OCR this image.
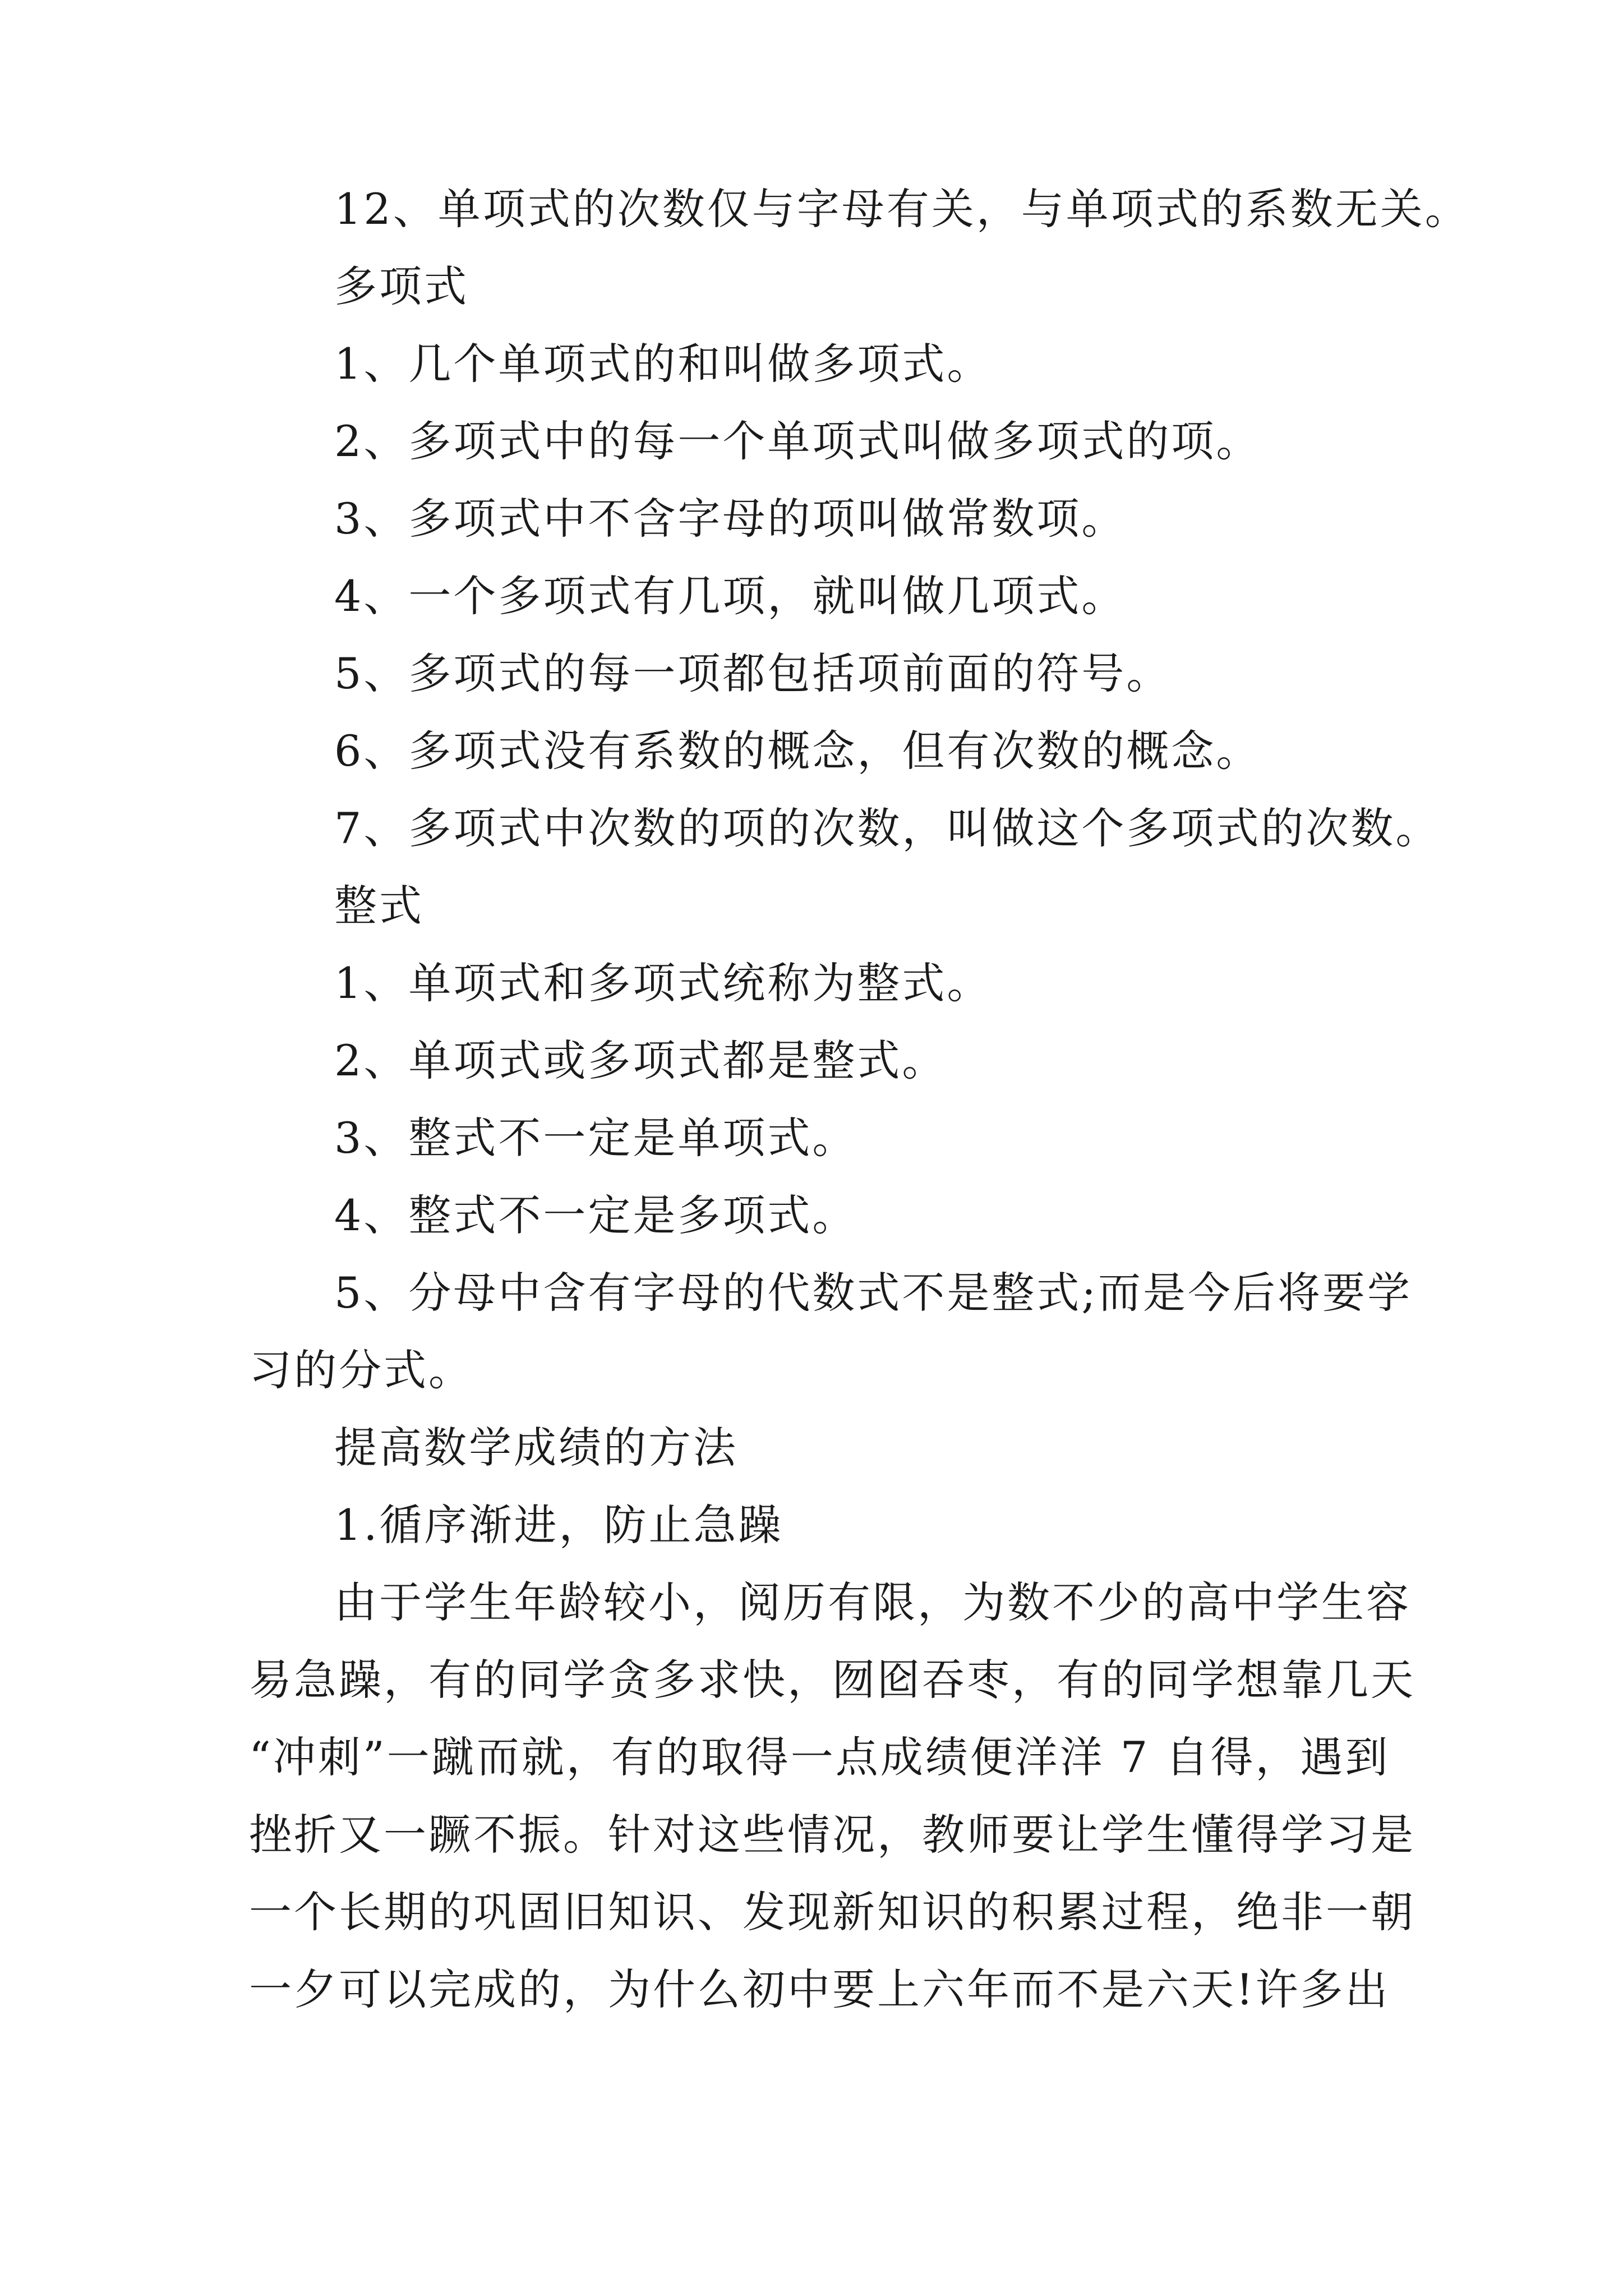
12、单项式的次数仅与字母有关，与单项式的系数无关。
多项式
1、几个单项式的和叫做多项式。
2、多项式中的每一个单项式叫做多项式的项。
3、多项式中不含字母的项叫做常数项。
4、一个多项式有几项，就叫做几项式。
5、多项式的每一项都包括项前面的符号。
6、多项式没有系数的概念，但有次数的概念。
7、多项式中次数的项的次数，叫做这个多项式的次数。
整式
1、单项式和多项式统称为整式。
2、单项式或多项式都是整式。
3、整式不一定是单项式。
4、整式不一定是多项式。
5、分母中含有字母的代数式不是整式;而是今后将要学
习的分式。
提高数学成绩的方法
1.循序渐进，防止急躁
由于学生年龄较小，阅历有限，为数不少的高中学生容
易急躁，有的同学贪多求快，囫囵吞枣，有的同学想靠几天
“冲刺”一蹴而就，有的取得一点成绩便洋洋 7 自得，遇到
挫折又一蹶不振。针对这些情况，教师要让学生懂得学习是
一个长期的巩固旧知识、发现新知识的积累过程，绝非一朝
一夕可以完成的，为什么初中要上六年而不是六天!许多出
